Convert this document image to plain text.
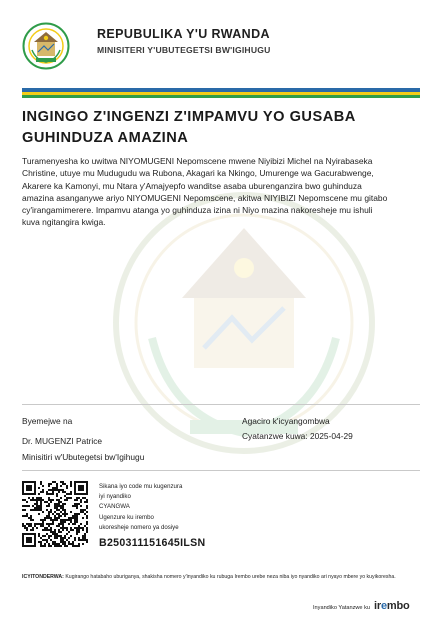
REPUBULIKA Y'U RWANDA
MINISITERI Y'UBUTEGETSI BW'IGIHUGU
INGINGO Z'INGENZI Z'IMPAMVU YO GUSABA
GUHINDUZA AMAZINA
Turamenyesha ko uwitwa NIYOMUGENI Nepomscene mwene Niyibizi Michel na Nyirabaseka
Christine, utuye mu Mudugudu wa Rubona, Akagari ka Nkingo, Umurenge wa Gacurabwenge,
Akarere ka Kamonyi, mu Ntara y'Amajyepfo wanditse asaba uburenganzira bwo guhinduza
amazina asanganywe ariyo NIYOMUGENI Nepomscene, akitwa NIYIBIZI Nepomscene mu gitabo
cy'irangamimerere. Impamvu atanga yo guhinduza izina ni Niyo mazina nakoresheje mu ishuli
kuva ngitangira kwiga.
Byemejwe na
Dr. MUGENZI Patrice
Minisitiri w'Ubutegetsi bw'Igihugu
Agaciro k'icyangombwa
Cyatanzwe kuwa: 2025-04-29
Sikana iyo code mu kugenzura
iyi nyandiko
CYANGWA
Ugenzure ku irembo
ukoresheje nomero ya dosiye
B250311151645ILSN
ICYITONDERWA: Kugirango hatabaho uburiganya, shakisha nomero y'inyandiko ku rubuga Irembo urebe neza niba iyo nyandiko ari nyayo mbere yo kuyikoresha.
Inyandiko Yatanzwe ku irembo
